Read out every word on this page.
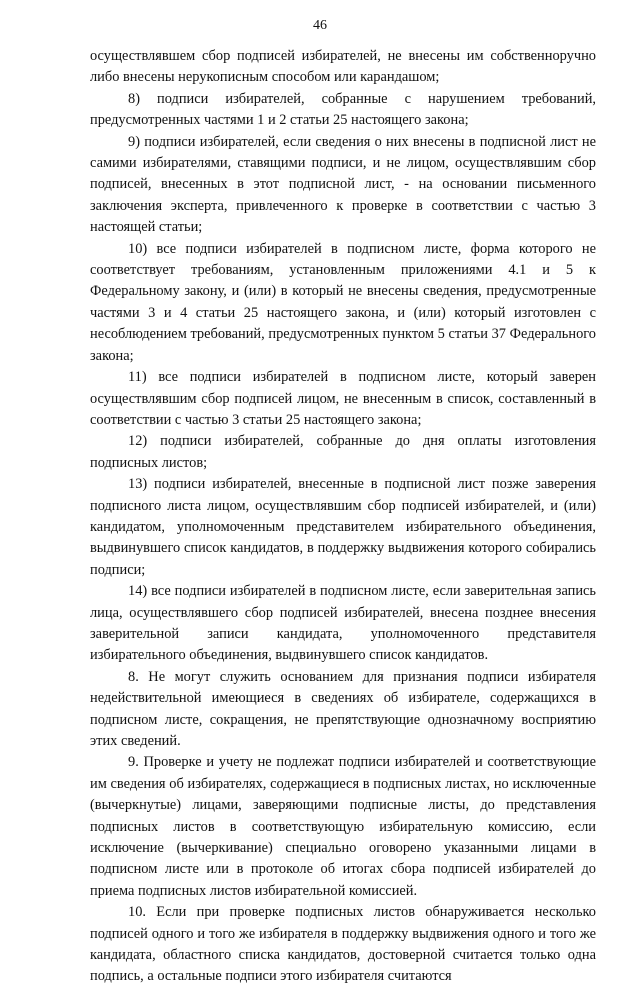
46

осуществлявшем сбор подписей избирателей, не внесены им собственноручно либо внесены нерукописным способом или карандашом;

8) подписи избирателей, собранные с нарушением требований, предусмотренных частями 1 и 2 статьи 25 настоящего закона;

9) подписи избирателей, если сведения о них внесены в подписной лист не самими избирателями, ставящими подписи, и не лицом, осуществлявшим сбор подписей, внесенных в этот подписной лист, - на основании письменного заключения эксперта, привлеченного к проверке в соответствии с частью 3 настоящей статьи;

10) все подписи избирателей в подписном листе, форма которого не соответствует требованиям, установленным приложениями 4.1 и 5 к Федеральному закону, и (или) в который не внесены сведения, предусмотренные частями 3 и 4 статьи 25 настоящего закона, и (или) который изготовлен с несоблюдением требований, предусмотренных пунктом 5 статьи 37 Федерального закона;

11) все подписи избирателей в подписном листе, который заверен осуществлявшим сбор подписей лицом, не внесенным в список, составленный в соответствии с частью 3 статьи 25 настоящего закона;

12) подписи избирателей, собранные до дня оплаты изготовления подписных листов;

13) подписи избирателей, внесенные в подписной лист позже заверения подписного листа лицом, осуществлявшим сбор подписей избирателей, и (или) кандидатом, уполномоченным представителем избирательного объединения, выдвинувшего список кандидатов, в поддержку выдвижения которого собирались подписи;

14) все подписи избирателей в подписном листе, если заверительная запись лица, осуществлявшего сбор подписей избирателей, внесена позднее внесения заверительной записи кандидата, уполномоченного представителя избирательного объединения, выдвинувшего список кандидатов.

8. Не могут служить основанием для признания подписи избирателя недействительной имеющиеся в сведениях об избирателе, содержащихся в подписном листе, сокращения, не препятствующие однозначному восприятию этих сведений.

9. Проверке и учету не подлежат подписи избирателей и соответствующие им сведения об избирателях, содержащиеся в подписных листах, но исключенные (вычеркнутые) лицами, заверяющими подписные листы, до представления подписных листов в соответствующую избирательную комиссию, если исключение (вычеркивание) специально оговорено указанными лицами в подписном листе или в протоколе об итогах сбора подписей избирателей до приема подписных листов избирательной комиссией.

10. Если при проверке подписных листов обнаруживается несколько подписей одного и того же избирателя в поддержку выдвижения одного и того же кандидата, областного списка кандидатов, достоверной считается только одна подпись, а остальные подписи этого избирателя считаются
